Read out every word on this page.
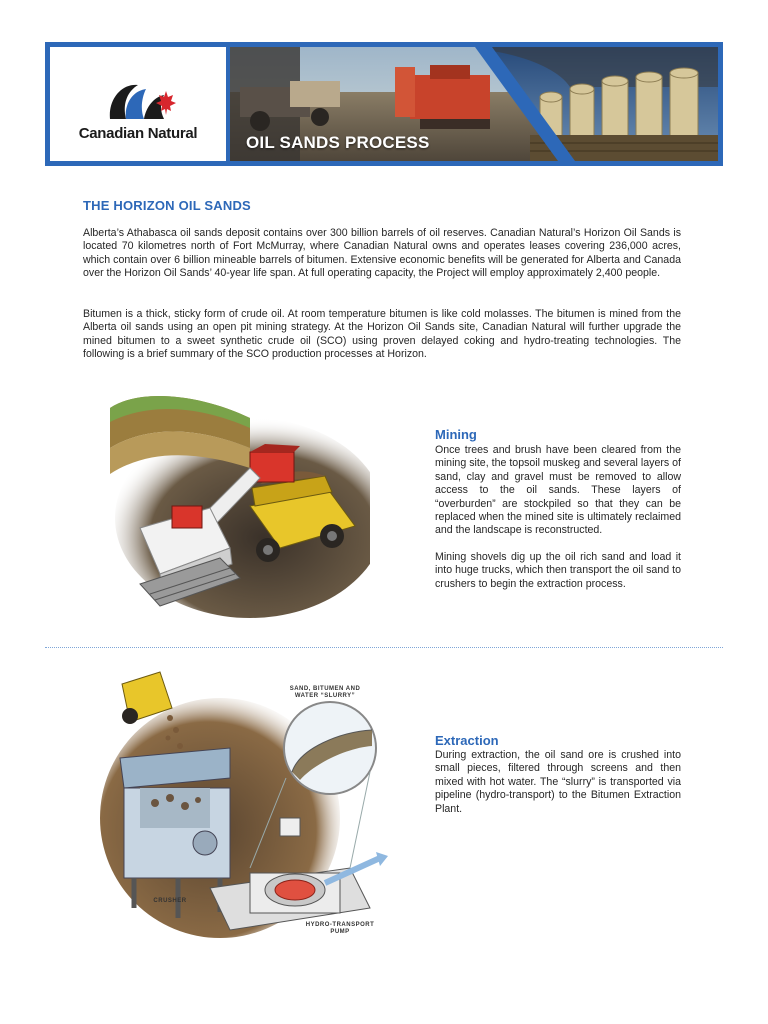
Canadian Natural	OIL SANDS PROCESS
THE HORIZON OIL SANDS
Alberta’s Athabasca oil sands deposit contains over 300 billion barrels of oil reserves. Canadian Natural’s Horizon Oil Sands is located 70 kilometres north of Fort McMurray, where Canadian Natural owns and operates leases covering 236,000 acres, which contain over 6 billion mineable barrels of bitumen. Extensive economic benefits will be generated for Alberta and Canada over the Horizon Oil Sands’ 40-year life span. At full operating capacity, the Project will employ approximately 2,400 people.
Bitumen is a thick, sticky form of crude oil. At room temperature bitumen is like cold molasses. The bitumen is mined from the Alberta oil sands using an open pit mining strategy. At the Horizon Oil Sands site, Canadian Natural will further upgrade the mined bitumen to a sweet synthetic crude oil (SCO) using proven delayed coking and hydro-treating technologies. The following is a brief summary of the SCO production processes at Horizon.
Mining
Once trees and brush have been cleared from the mining site, the topsoil muskeg and several layers of sand, clay and gravel must be removed to allow access to the oil sands. These layers of “overburden” are stockpiled so that they can be replaced when the mined site is ultimately reclaimed and the landscape is reconstructed.
Mining shovels dig up the oil rich sand and load it into huge trucks, which then transport the oil sand to crushers to begin the extraction process.
SAND, BITUMEN AND WATER “SLURRY”
CRUSHER
HYDRO-TRANSPORT PUMP
Extraction
During extraction, the oil sand ore is crushed into small pieces, filtered through screens and then mixed with hot water. The “slurry” is transported via pipeline (hydro-transport) to the Bitumen Extraction Plant.
